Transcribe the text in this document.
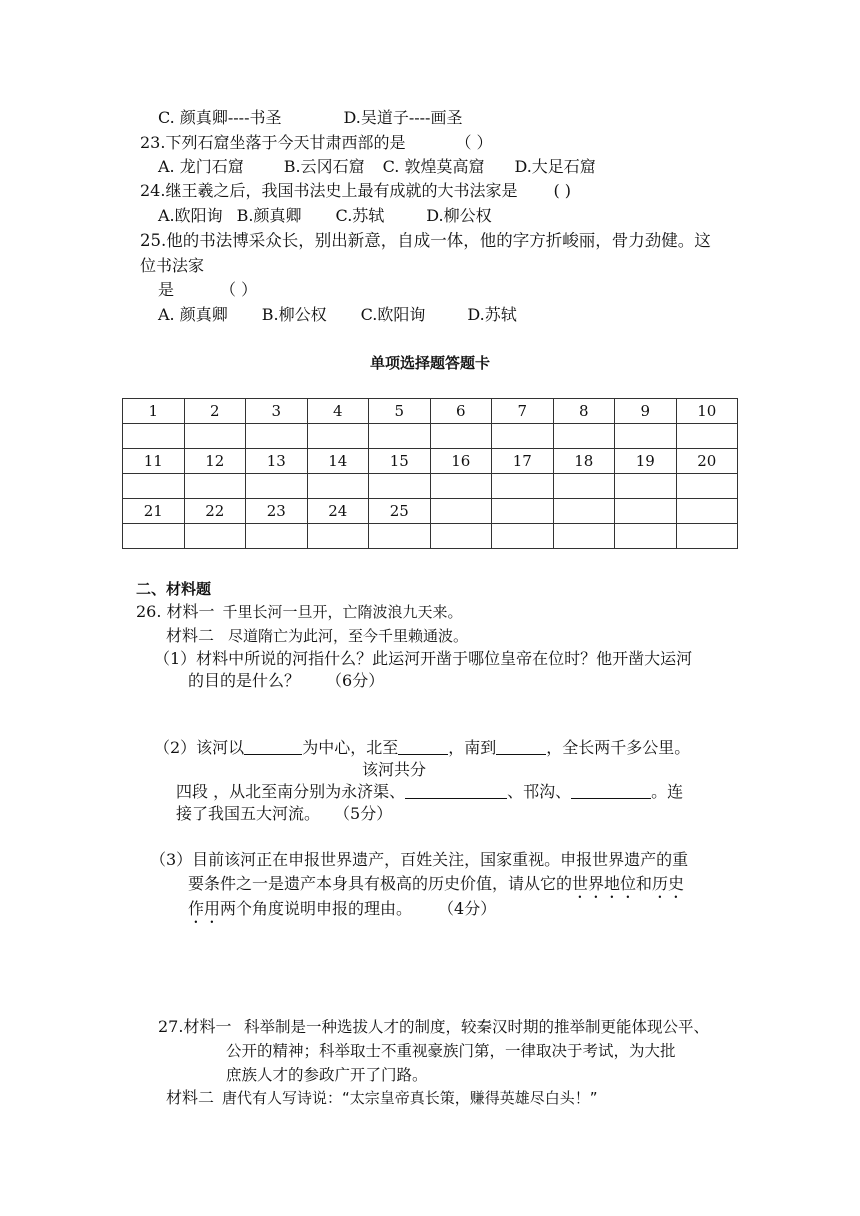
C. 颜真卿----书圣	D.吴道子----画圣
23.下列石窟坐落于今天甘肃西部的是	（ ）
A. 龙门石窟	B.云冈石窟 C. 敦煌莫高窟 D.大足石窟
24.继王羲之后，我国书法史上最有成就的大书法家是 ( )
A.欧阳询 B.颜真卿 C.苏轼	D.柳公权
25.他的书法博采众长，别出新意，自成一体，他的字方折峻丽，骨力劲健。这
位书法家
是	（ ）
A. 颜真卿 B.柳公权 C.欧阳询	D.苏轼
单项选择题答题卡
1	2	3	4	5	6	7	8	9	10

11	12	13	14	15	16	17	18	19	20

21	22	23	24	25					

二、材料题
26. 材料一 千里长河一旦开，亡隋波浪九天来。
材料二 尽道隋亡为此河，至今千里赖通波。
（1）材料中所说的河指什么？此运河开凿于哪位皇帝在位时？他开凿大运河
的目的是什么？ （6分）
（2）该河以	为中心，北至	，南到	，全长两千多公里。
该河共分
四段 ，从北至南分别为永济渠、	、邗沟、	。连
接了我国五大河流。 （5分）
（3）目前该河正在申报世界遗产，百姓关注，国家重视。申报世界遗产的重
要条件之一是遗产本身具有极高的历史价值，请从它的世界地位和历史
作用两个角度说明申报的理由。 （4分）
27.材料一 科举制是一种选拔人才的制度，较秦汉时期的推举制更能体现公平、
公开的精神；科举取士不重视豪族门第，一律取决于考试，为大批
庶族人才的参政广开了门路。
材料二 唐代有人写诗说：“太宗皇帝真长策，赚得英雄尽白头！”
